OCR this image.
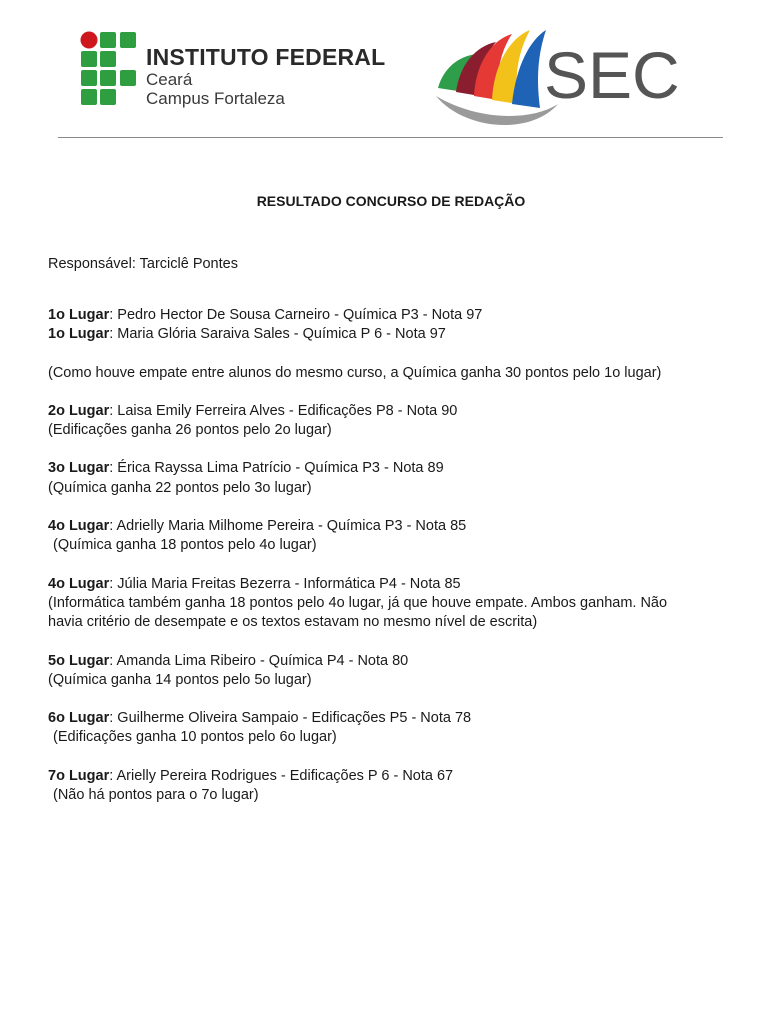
INSTITUTO FEDERAL
Ceará
Campus Fortaleza	SEC
RESULTADO CONCURSO DE REDAÇÃO
Responsável: Tarciclê Pontes

1o Lugar: Pedro Hector De Sousa Carneiro - Química P3 - Nota 97

1o Lugar: Maria Glória Saraiva Sales - Química P 6 - Nota 97

(Como houve empate entre alunos do mesmo curso, a Química ganha 30 pontos pelo 1o lugar)

2o Lugar: Laisa Emily Ferreira Alves - Edificações P8 - Nota 90

(Edificações ganha 26 pontos pelo 2o lugar)

3o Lugar: Érica Rayssa Lima Patrício - Química P3 - Nota 89

(Química ganha 22 pontos pelo 3o lugar)

4o Lugar: Adrielly Maria Milhome Pereira - Química P3 - Nota 85

(Química ganha 18 pontos pelo 4o lugar)

4o Lugar: Júlia Maria Freitas Bezerra - Informática P4 - Nota 85

(Informática também ganha 18 pontos pelo 4o lugar, já que houve empate. Ambos ganham. Não havia critério de desempate e os textos estavam no mesmo nível de escrita)

5o Lugar: Amanda Lima Ribeiro - Química P4 - Nota 80

(Química ganha 14 pontos pelo 5o lugar)

6o Lugar: Guilherme Oliveira Sampaio - Edificações P5 - Nota 78

(Edificações ganha 10 pontos pelo 6o lugar)

7o Lugar: Arielly Pereira Rodrigues - Edificações P 6 - Nota 67

(Não há pontos para o 7o lugar)
